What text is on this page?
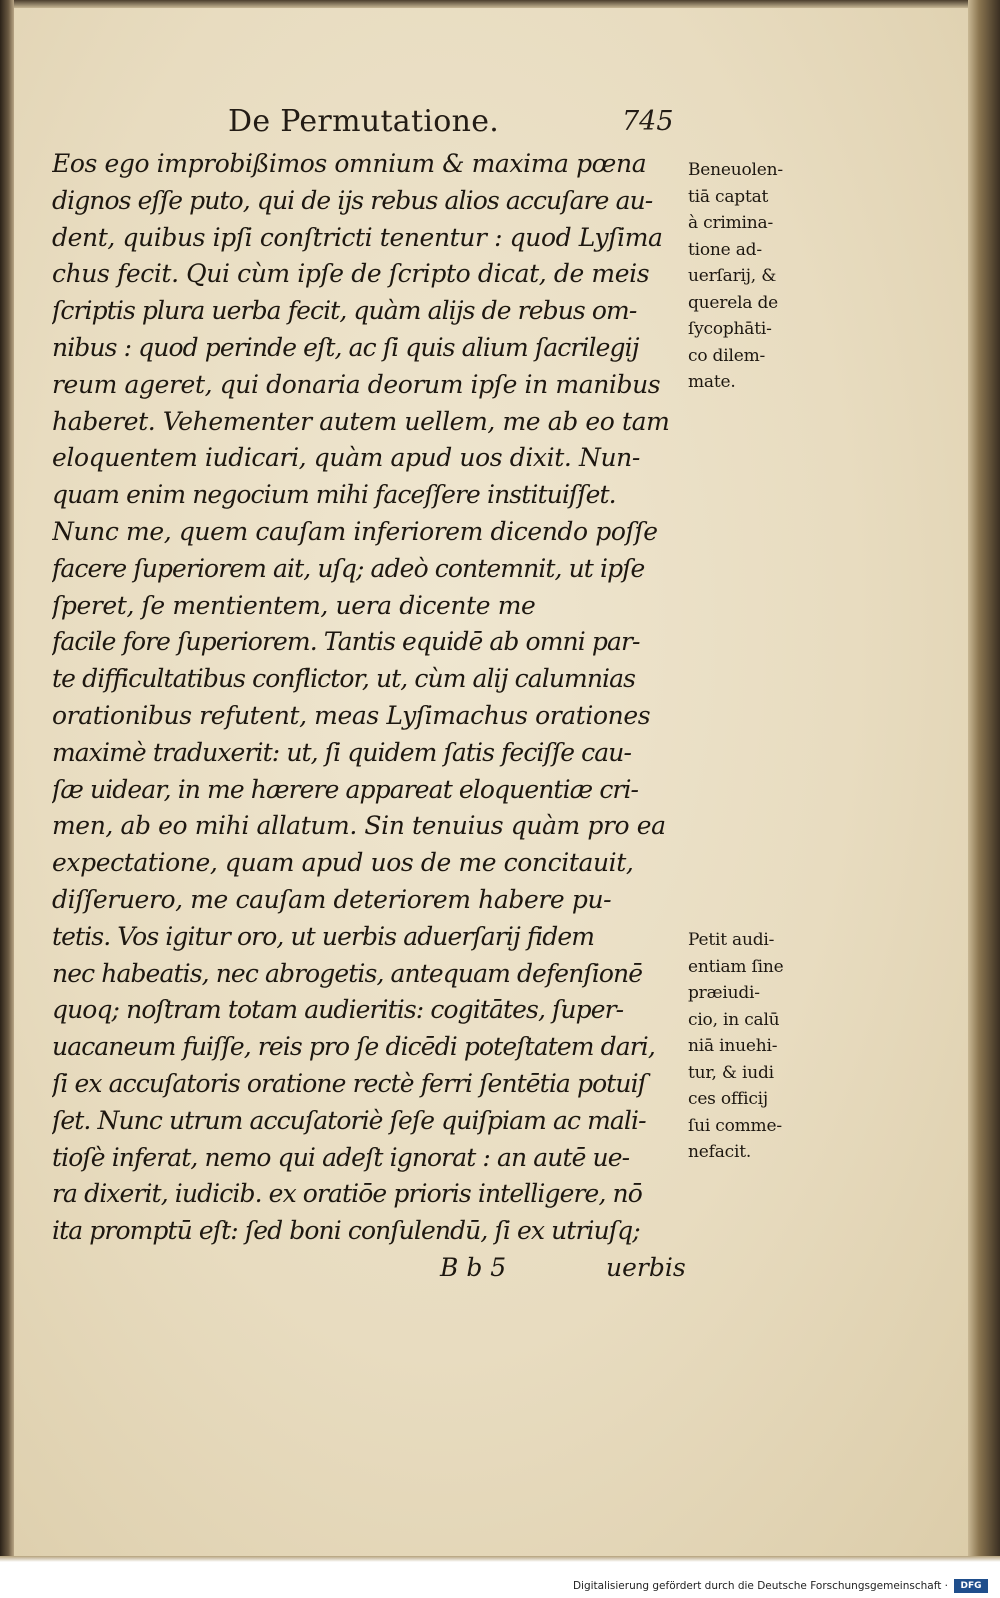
De Permutatione.	745
Eos ego improbißimos omnium & maxima pœna
dignos eſſe puto, qui de ijs rebus alios accuſare au-
dent, quibus ipſi conſtricti tenentur : quod Lyſima
chus fecit. Qui cùm ipſe de ſcripto dicat, de meis
ſcriptis plura uerba fecit, quàm alijs de rebus om-
nibus : quod perinde eſt, ac ſi quis alium ſacrilegij
reum ageret, qui donaria deorum ipſe in manibus
haberet. Vehementer autem uellem, me ab eo tam
eloquentem iudicari, quàm apud uos dixit. Nun-
quam enim negocium mihi faceſſere instituiſſet.
Nunc me, quem cauſam inferiorem dicendo poſſe
facere ſuperiorem ait, uſq; adeò contemnit, ut ipſe
ſperet, ſe mentientem, uera dicente me
facile fore ſuperiorem. Tantis equidē ab omni par-
te difficultatibus conflictor, ut, cùm alij calumnias
orationibus refutent, meas Lyſimachus orationes
maximè traduxerit: ut, ſi quidem ſatis feciſſe cau-
ſæ uidear, in me hærere appareat eloquentiæ cri-
men, ab eo mihi allatum. Sin tenuius quàm pro ea
expectatione, quam apud uos de me concitauit,
diſſeruero, me cauſam deteriorem habere pu-
tetis. Vos igitur oro, ut uerbis aduerſarij fidem
nec habeatis, nec abrogetis, antequam defenſionē
quoq; noſtram totam audieritis: cogitātes, ſuper-
uacaneum fuiſſe, reis pro ſe dicēdi poteſtatem dari,
ſi ex accuſatoris oratione rectè ferri ſentētia potuiſ
ſet. Nunc utrum accuſatoriè ſeſe quiſpiam ac mali-
tioſè inferat, nemo qui adeſt ignorat : an autē ue-
ra dixerit, iudicib. ex oratiōe prioris intelligere, nō
ita promptū eſt: ſed boni conſulendū, ſi ex utriuſq;
B b 5	uerbis
Beneuolen-
tiā captat
à crimina-
tione ad-
uerſarij, &
querela de
ſycophāti-
co dilem-
mate.
Petit audi-
entiam ſine
præiudi-
cio, in calū
niā inuehi-
tur, & iudi
ces officij
ſui comme-
nefacit.
Digitalisierung gefördert durch die Deutsche Forschungsgemeinschaft ·	DFG
